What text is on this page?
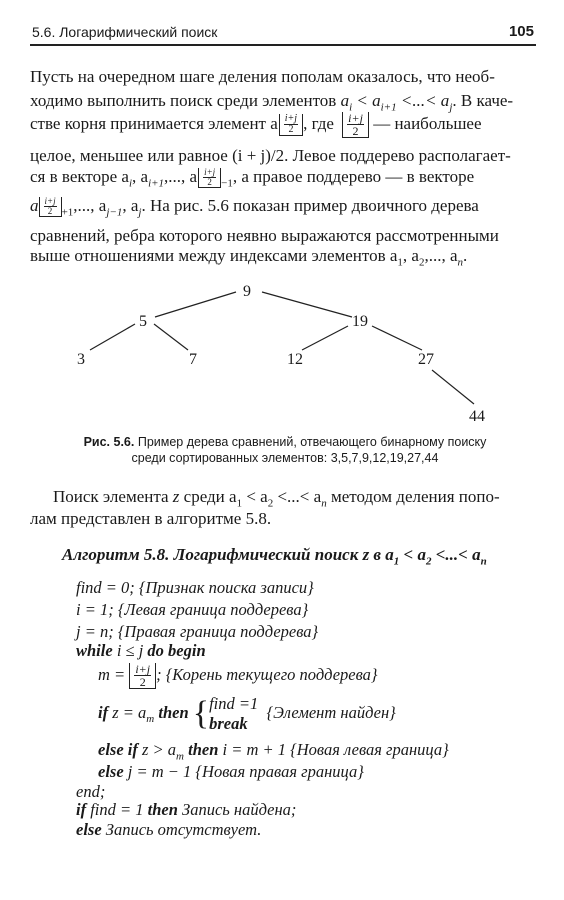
5.6. Логарифмический поиск	105
Пусть на очередном шаге деления пополам оказалось, что необ-
ходимо выполнить поиск среди элементов $a_i < a_{i+1}$ <...< $a_j$. В каче-
стве корня принимается элемент a $\frac{i+j}{2}$ , где $\frac{i+j}{2}$ — наибольшее
целое, меньшее или равное (i + j)/2. Левое поддерево располагает-
ся в векторе $a_i$, $a_{i+1}$,..., a $\frac{i+j}{2} _{-1}$, а правое поддерево — в векторе
a $\frac{i+j}{2} _{+1}$,..., $a_{j-1}$, $a_j$. На рис. 5.6 показан пример двоичного дерева
сравнений, ребра которого неявно выражаются рассмотренными
выше отношениями между индексами элементов $a_1$, $a_2$,..., $a_n$.
9
5	19
3	7	12	27
44
Рис. 5.6. Пример дерева сравнений, отвечающего бинарному поиску
среди сортированных элементов: 3,5,7,9,12,19,27,44
Поиск элемента z среди $a_1 < a_2$ <...< $a_n$ методом деления попо-
лам представлен в алгоритме 5.8.
Алгоритм 5.8. Логарифмический поиск z в $a_1 < a_2$ <...< $a_n$
find = 0; {Признак поиска записи}
i = 1; {Левая граница поддерева}
j = n; {Правая граница поддерева}
while i ≤ j do begin
$m = \frac{i+j}{2}$ ; {Корень текущего поддерева}
if $z = a_m$ then { find =1
break
{Элемент найден}
else if $z > a_m$ then i = m + 1 {Новая левая граница}
else j = m − 1 {Новая правая граница}
end;
if find = 1 then Запись найдена;
else Запись отсутствует.
